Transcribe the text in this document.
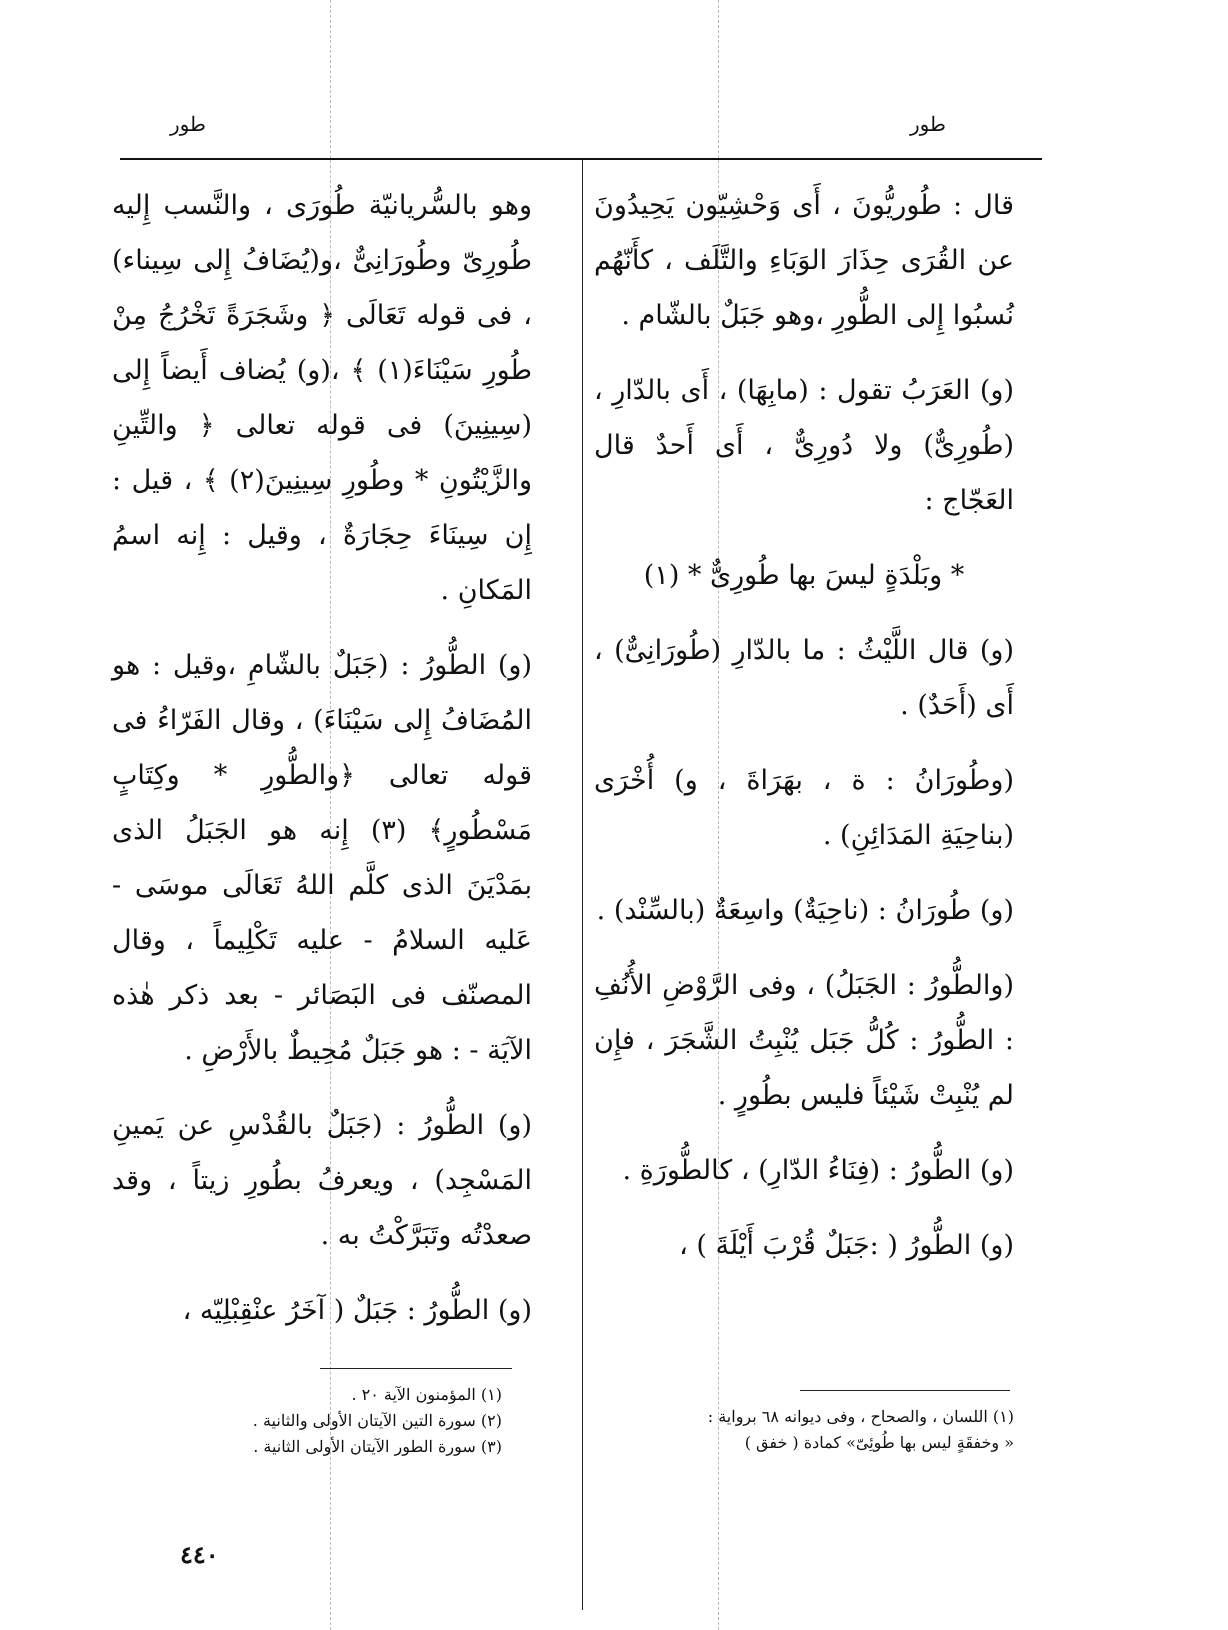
طور
طور

قال : طُوريُّونَ ، أَى وَحْشِيّون يَحِيدُونَ عن القُرَى حِذَارَ الوَبَاءِ والتَّلَف ، كأَنّهُم نُسبُوا إِلى الطُّورِ ،وهو جَبَلٌ بالشّام .

(و) العَرَبُ تقول : (مابِهَا) ، أَى بالدّارِ ، (طُورِىٌّ) ولا دُورِىٌّ ، أَى أَحدٌ قال العَجّاج :

* وبَلْدَةٍ ليسَ بها طُورِىٌّ * (١)

(و) قال اللَّيْثُ : ما بالدّارِ (طُورَانِىٌّ) ، أَى (أَحَدٌ) .

(وطُورَانُ : ة ، بهَرَاةَ ، و) أُخْرَى (بناحِيَةِ المَدَائِنِ) .

(و) طُورَانُ : (ناحِيَةٌ) واسِعَةٌ (بالسِّنْد) .

(والطُّورُ : الجَبَلُ) ، وفى الرَّوْضِ الأُنُفِ : الطُّورُ : كُلُّ جَبَل يُنْبِتُ الشَّجَرَ ، فإِن لم يُنْبِتْ شَيْئاً فليس بطُورٍ .

(و) الطُّورُ : (فِنَاءُ الدّارِ) ، كالطُّورَةِ .

(و) الطُّورُ ( :جَبَلٌ قُرْبَ أَيْلَةَ ) ،

وهو بالسُّريانيّة طُورَى ، والنَّسب إِليه طُورِىّ وطُورَانِىٌّ ،و(يُضَافُ إِلى سِيناء) ، فى قوله تَعَالَى ﴿ وشَجَرَةً تَخْرُجُ مِنْ طُورِ سَيْنَاءَ(١) ﴾ ،(و) يُضاف أَيضاً إِلى (سِينِينَ) فى قوله تعالى ﴿ والتِّينِ والزَّيْتُونِ * وطُورِ سِينِينَ(٢) ﴾ ، قيل : إِن سِينَاءَ حِجَارَةٌ ، وقيل : إِنه اسمُ المَكانِ .

(و) الطُّورُ : (جَبَلٌ بالشّامِ ،وقيل : هو المُضَافُ إِلى سَيْنَاءَ) ، وقال الفَرّاءُ فى قوله تعالى ﴿والطُّورِ * وكِتَابٍ مَسْطُورٍ﴾ (٣) إِنه هو الجَبَلُ الذى بمَدْيَنَ الذى كلَّم اللهُ تَعَالَى موسَى - عَليه السلامُ - عليه تَكْلِيماً ، وقال المصنّف فى البَصَائر - بعد ذكر هٰذه الآيَة - : هو جَبَلٌ مُحِيطٌ بالأَرْضِ .

(و) الطُّورُ : (جَبَلٌ بالقُدْسِ عن يَمينِ المَسْجِد) ، ويعرفُ بطُورِ زيتاً ، وقد صعدْتُه وتَبَرَّكْتُ به .

(و) الطُّورُ : جَبَلٌ ( آخَرُ عنْقِبْلِيّه ،

(١) اللسان ، والصحاح ، وفى ديوانه ٦٨ برواية :
« وخفقَةٍ ليس بها طُوئِىّ» كمادة ( خفق )
(١) المؤمنون الآية ٢٠ .
(٢) سورة التين الآيتان الأولى والثانية .
(٣) سورة الطور الآيتان الأولى الثانية .
٤٤٠
